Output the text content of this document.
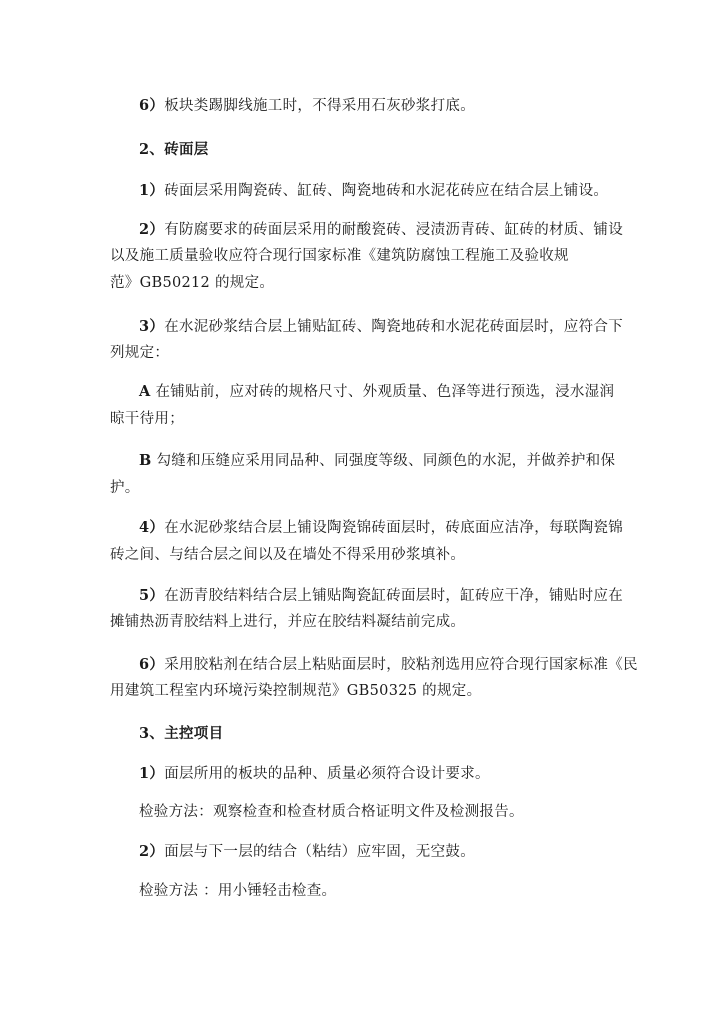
6）板块类踢脚线施工时，不得采用石灰砂浆打底。
2、砖面层
1）砖面层采用陶瓷砖、缸砖、陶瓷地砖和水泥花砖应在结合层上铺设。
2）有防腐要求的砖面层采用的耐酸瓷砖、浸渍沥青砖、缸砖的材质、铺设
以及施工质量验收应符合现行国家标准《建筑防腐蚀工程施工及验收规
范》GB50212 的规定。
3）在水泥砂浆结合层上铺贴缸砖、陶瓷地砖和水泥花砖面层时，应符合下
列规定：
A 在铺贴前，应对砖的规格尺寸、外观质量、色泽等进行预选，浸水湿润
晾干待用；
B 勾缝和压缝应采用同品种、同强度等级、同颜色的水泥，并做养护和保
护。
4）在水泥砂浆结合层上铺设陶瓷锦砖面层时，砖底面应洁净，每联陶瓷锦
砖之间、与结合层之间以及在墙处不得采用砂浆填补。
5）在沥青胶结料结合层上铺贴陶瓷缸砖面层时，缸砖应干净，铺贴时应在
摊铺热沥青胶结料上进行，并应在胶结料凝结前完成。
6）采用胶粘剂在结合层上粘贴面层时，胶粘剂选用应符合现行国家标准《民
用建筑工程室内环境污染控制规范》GB50325 的规定。
3、主控项目
1）面层所用的板块的品种、质量必须符合设计要求。
检验方法：观察检查和检查材质合格证明文件及检测报告。
2）面层与下一层的结合（粘结）应牢固，无空鼓。
检验方法 ：用小锤轻击检查。
